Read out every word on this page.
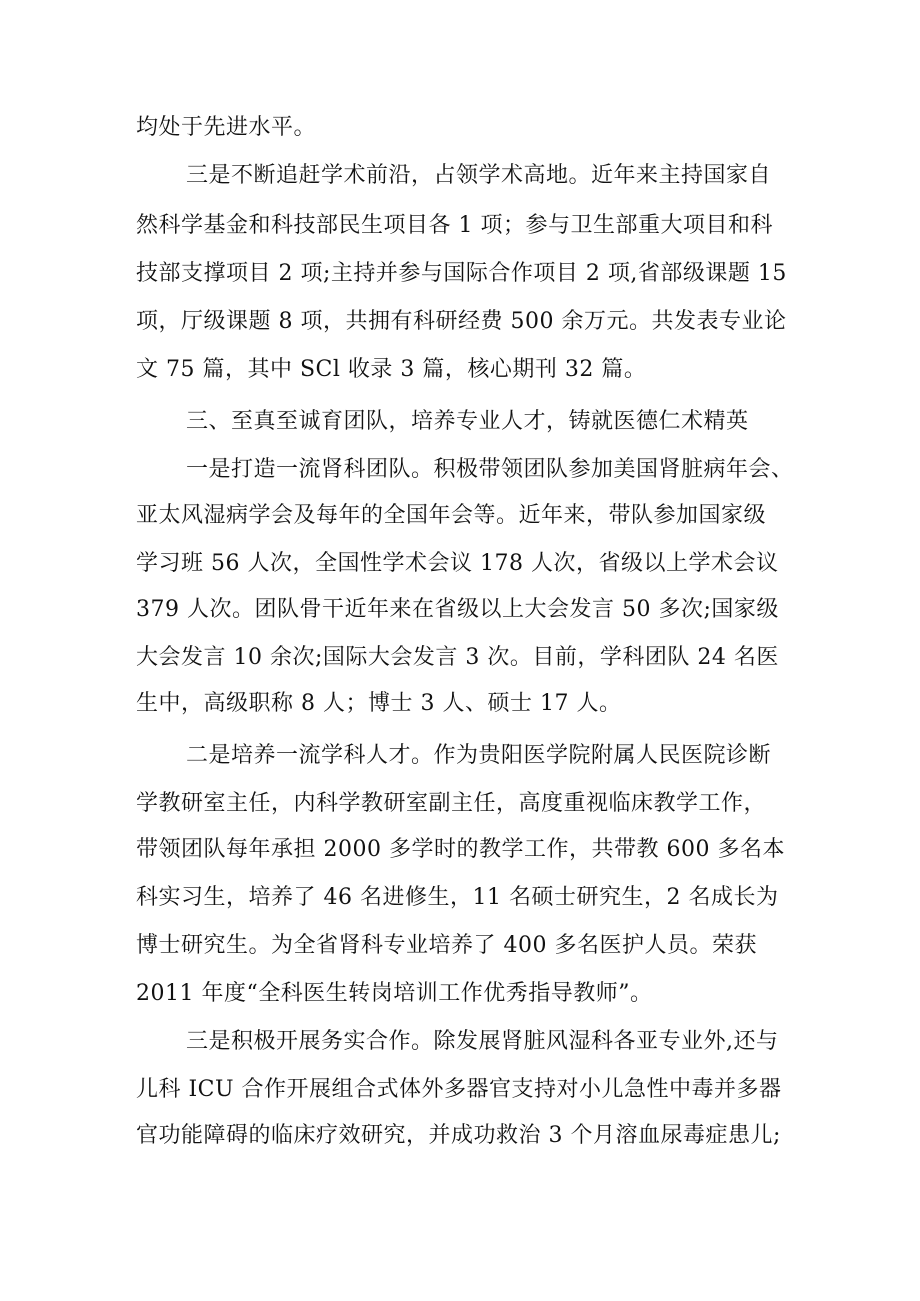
均处于先进水平。
三是不断追赶学术前沿，占领学术高地。近年来主持国家自
然科学基金和科技部民生项目各 1 项；参与卫生部重大项目和科
技部支撑项目 2 项;主持并参与国际合作项目 2 项,省部级课题 15
项，厅级课题 8 项，共拥有科研经费 500 余万元。共发表专业论
文 75 篇，其中 SCl 收录 3 篇，核心期刊 32 篇。
三、至真至诚育团队，培养专业人才，铸就医德仁术精英
一是打造一流肾科团队。积极带领团队参加美国肾脏病年会、
亚太风湿病学会及每年的全国年会等。近年来，带队参加国家级
学习班 56 人次，全国性学术会议 178 人次，省级以上学术会议
379 人次。团队骨干近年来在省级以上大会发言 50 多次;国家级
大会发言 10 余次;国际大会发言 3 次。目前，学科团队 24 名医
生中，高级职称 8 人；博士 3 人、硕士 17 人。
二是培养一流学科人才。作为贵阳医学院附属人民医院诊断
学教研室主任，内科学教研室副主任，高度重视临床教学工作，
带领团队每年承担 2000 多学时的教学工作，共带教 600 多名本
科实习生，培养了 46 名进修生，11 名硕士研究生，2 名成长为
博士研究生。为全省肾科专业培养了 400 多名医护人员。荣获
2011 年度“全科医生转岗培训工作优秀指导教师”。
三是积极开展务实合作。除发展肾脏风湿科各亚专业外,还与
儿科 ICU 合作开展组合式体外多器官支持对小儿急性中毒并多器
官功能障碍的临床疗效研究，并成功救治 3 个月溶血尿毒症患儿;
